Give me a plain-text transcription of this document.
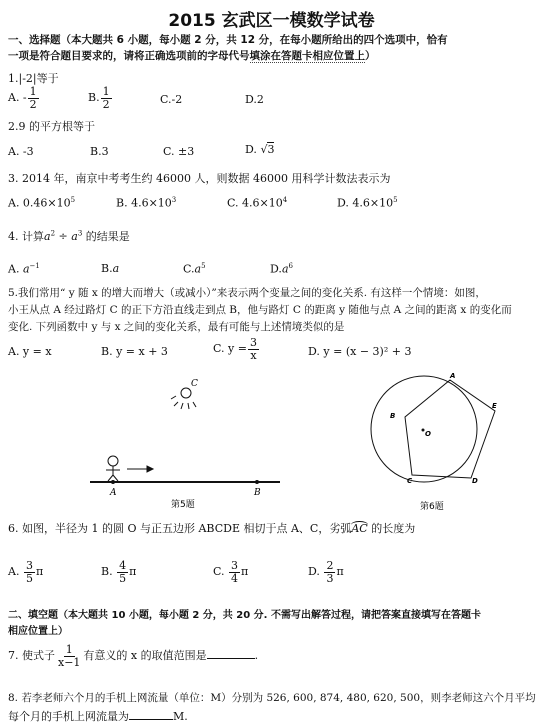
2015 玄武区一模数学试卷
一、选择题（本大题共 6 小题，每小题 2 分，共 12 分，在每小题所给出的四个选项中，恰有
一项是符合题目要求的，请将正确选项前的字母代号填涂在答题卡相应位置上）
1.|-2|等于
A. - $\frac{1}{2}$	B. $\frac{1}{2}$	C.-2	D.2
2.9 的平方根等于
A. -3	B.3	C. ±3	D. √3
3. 2014 年，南京中考考生约 46000 人，则数据 46000 用科学计数法表示为
A. $0.46\times 10^5$	B. $4.6\times 10^3$	C. $4.6\times 10^4$	D. $4.6\times 10^5$
4. 计算$a^2 \div a^3$ 的结果是
A. $a^{-1}$	B.a	$C.a^5$	$D.a^6$
5.我们常用“ y 随 x 的增大而增大（或减小）”来表示两个变量之间的变化关系. 有这样一个情境：如图，
小王从点 A 经过路灯 C 的正下方沿直线走到点 B，他与路灯 C 的距离 y 随他与点 A 之间的距离 x 的变化而
变化. 下列函数中 y 与 x 之间的变化关系，最有可能与上述情境类似的是
A. y = x	B. y = x + 3	C. $y = \frac{3}{x}$	D. y = (x − 3)² + 3
C
A	B
第5题
A
B
C	D
E
O
第6题
6. 如图，半径为 1 的圆 O 与正五边形 ABCDE 相切于点 A、C，劣弧AC 的长度为
A. $\frac{3}{5}$ π	B. $\frac{4}{5}$ π	C. $\frac{3}{4}$ π	D. $\frac{2}{3}$ π
二、填空题（本大题共 10 小题，每小题 2 分，共 20 分. 不需写出解答过程，请把答案直接填写在答题卡
相应位置上）
7. 使式子 $\frac{1}{x-1}$ 有意义的 x 的取值范围是	.
8. 若李老师六个月的手机上网流量（单位：M）分别为 526, 600, 874, 480, 620, 500，则李老师这六个月平均
每个月的手机上网流量为	M.
